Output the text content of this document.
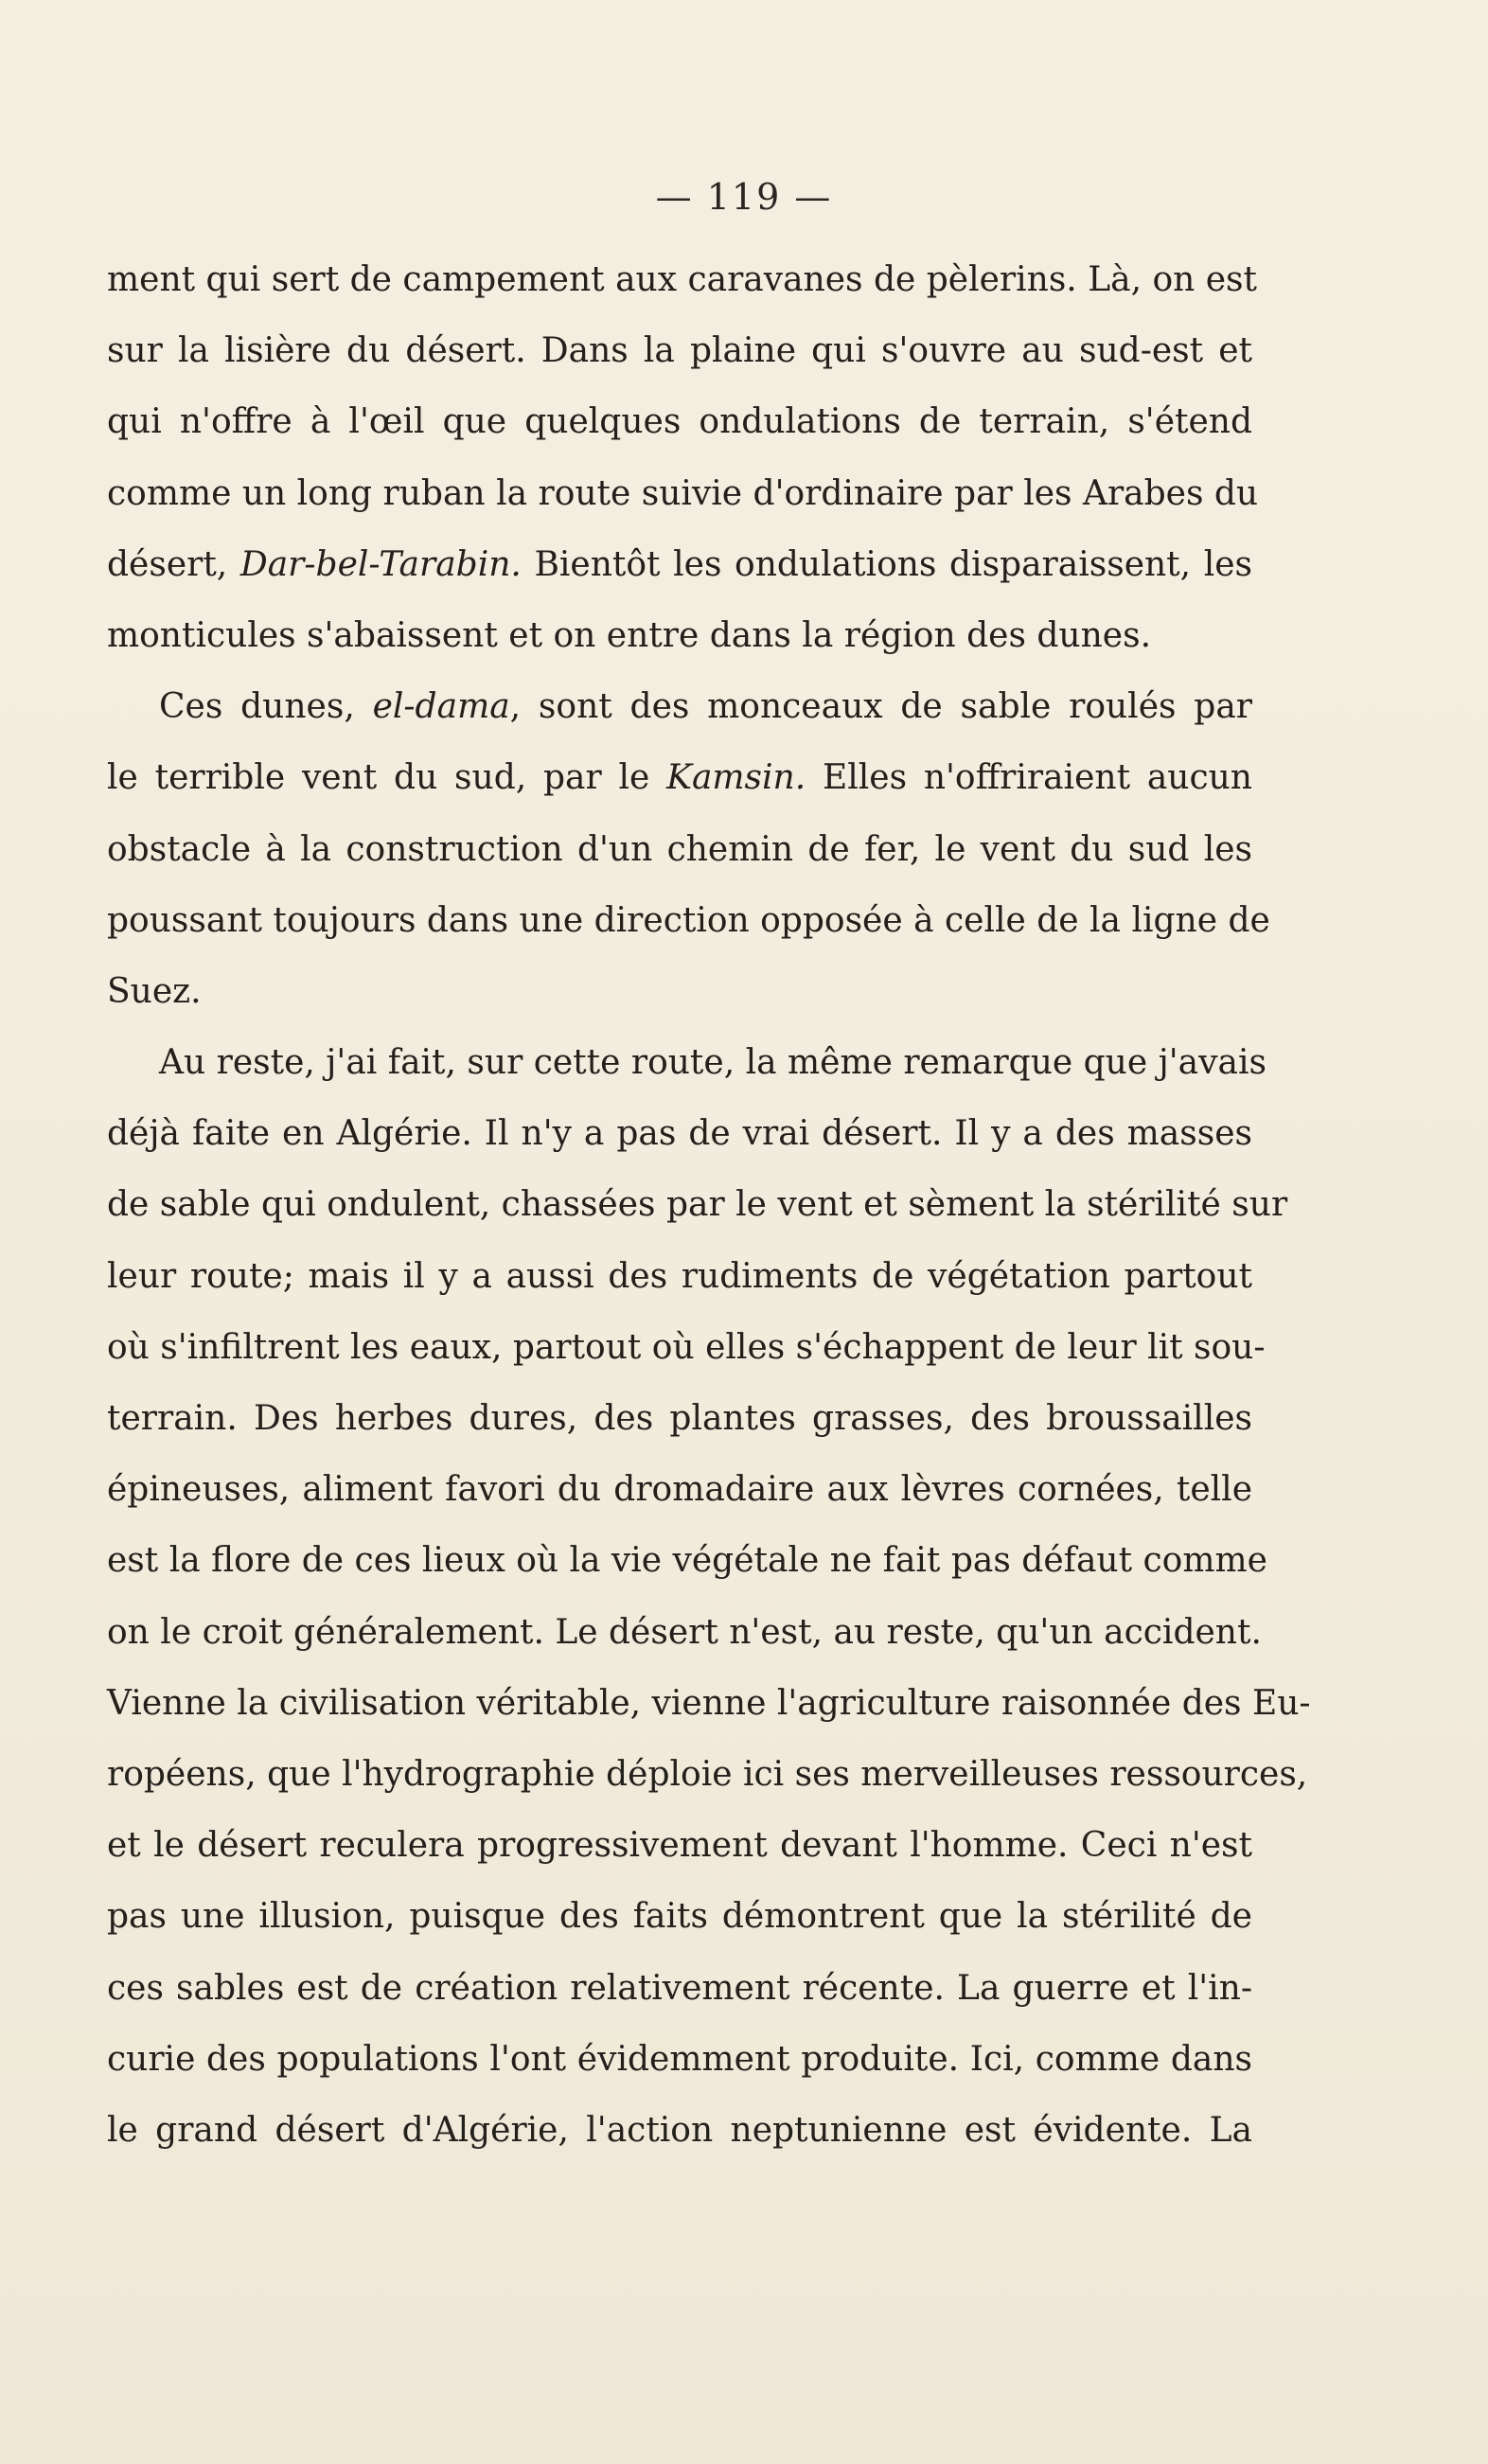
— 119 —
ment qui sert de campement aux caravanes de pèlerins. Là, on est
sur la lisière du désert. Dans la plaine qui s'ouvre au sud-est et
qui n'offre à l'œil que quelques ondulations de terrain, s'étend
comme un long ruban la route suivie d'ordinaire par les Arabes du
désert, Dar-bel-Tarabin. Bientôt les ondulations disparaissent, les
monticules s'abaissent et on entre dans la région des dunes.
Ces dunes, el-dama, sont des monceaux de sable roulés par
le terrible vent du sud, par le Kamsin. Elles n'offriraient aucun
obstacle à la construction d'un chemin de fer, le vent du sud les
poussant toujours dans une direction opposée à celle de la ligne de
Suez.
Au reste, j'ai fait, sur cette route, la même remarque que j'avais
déjà faite en Algérie. Il n'y a pas de vrai désert. Il y a des masses
de sable qui ondulent, chassées par le vent et sèment la stérilité sur
leur route; mais il y a aussi des rudiments de végétation partout
où s'infiltrent les eaux, partout où elles s'échappent de leur lit sou-
terrain. Des herbes dures, des plantes grasses, des broussailles
épineuses, aliment favori du dromadaire aux lèvres cornées, telle
est la flore de ces lieux où la vie végétale ne fait pas défaut comme
on le croit généralement. Le désert n'est, au reste, qu'un accident.
Vienne la civilisation véritable, vienne l'agriculture raisonnée des Eu-
ropéens, que l'hydrographie déploie ici ses merveilleuses ressources,
et le désert reculera progressivement devant l'homme. Ceci n'est
pas une illusion, puisque des faits démontrent que la stérilité de
ces sables est de création relativement récente. La guerre et l'in-
curie des populations l'ont évidemment produite. Ici, comme dans
le grand désert d'Algérie, l'action neptunienne est évidente. La
